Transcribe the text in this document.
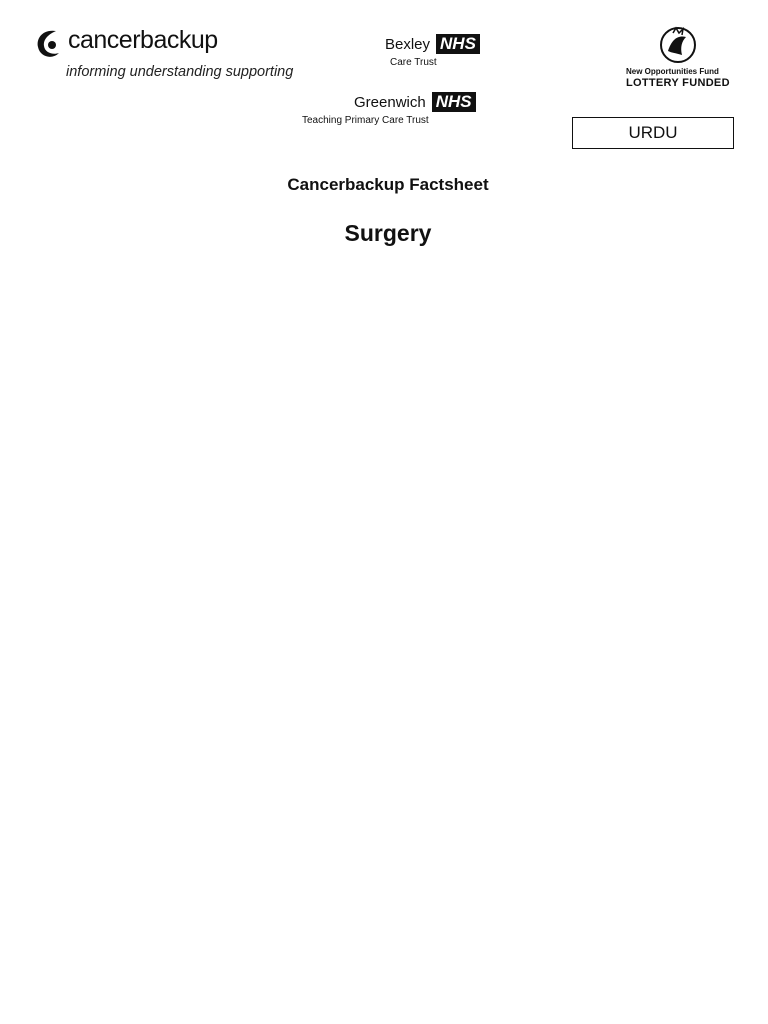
cancerbackup
informing understanding supporting
Bexley NHS
Care Trust
Greenwich NHS
Teaching Primary Care Trust
New Opportunities Fund
LOTTERY FUNDED
URDU
Cancerbackup Factsheet
Surgery
